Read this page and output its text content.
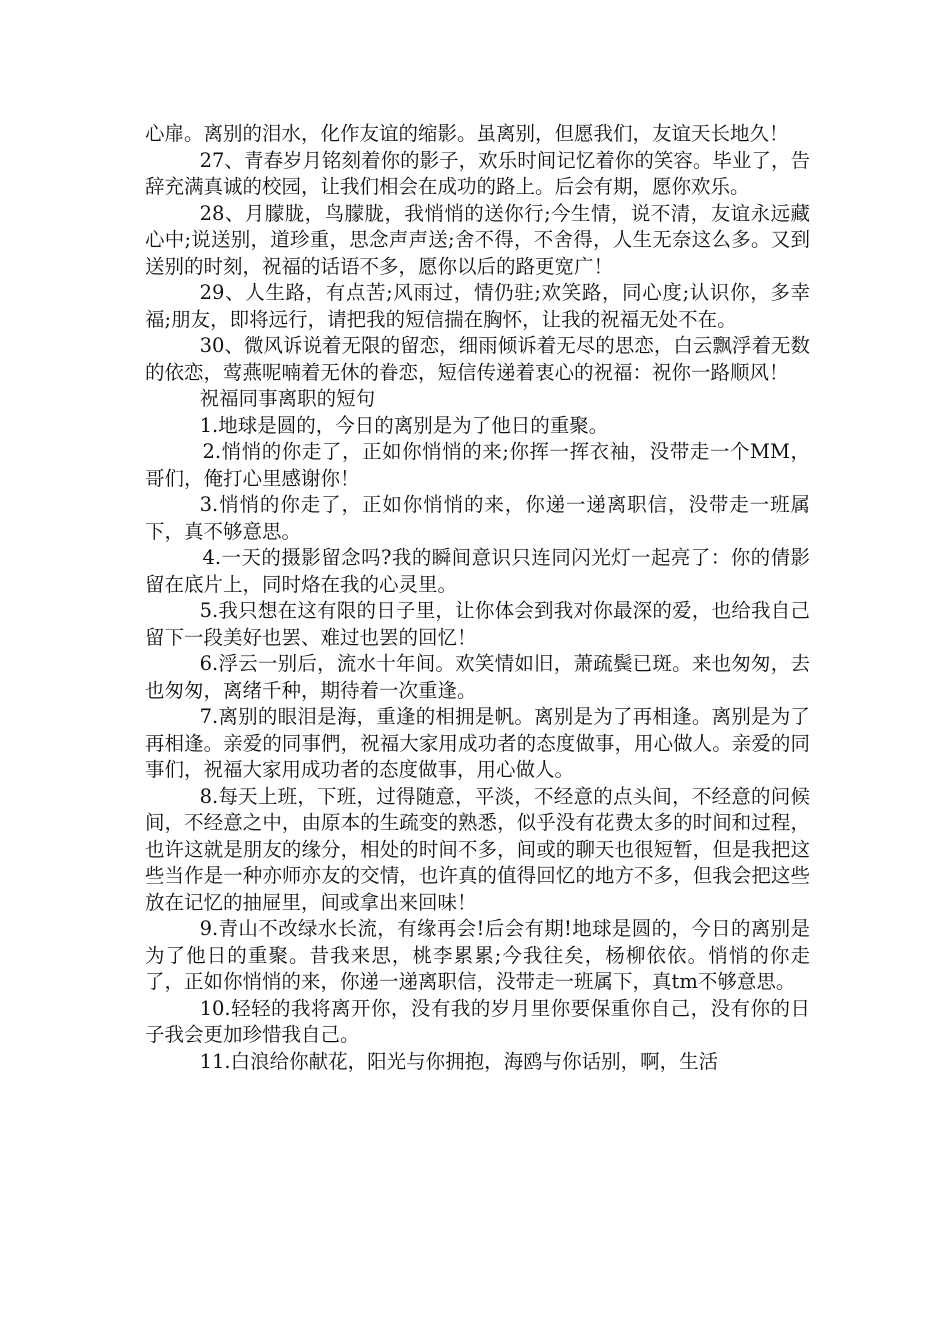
心扉。离别的泪水，化作友谊的缩影。虽离别，但愿我们，友谊天长地久！

27、青春岁月铭刻着你的影子，欢乐时间记忆着你的笑容。毕业了，告辞充满真诚的校园，让我们相会在成功的路上。后会有期，愿你欢乐。

28、月朦胧，鸟朦胧，我悄悄的送你行;今生情，说不清，友谊永远藏心中;说送别，道珍重，思念声声送;舍不得，不舍得，人生无奈这么多。又到送别的时刻，祝福的话语不多，愿你以后的路更宽广！

29、人生路，有点苦;风雨过，情仍驻;欢笑路，同心度;认识你，多幸福;朋友，即将远行，请把我的短信揣在胸怀，让我的祝福无处不在。

30、微风诉说着无限的留恋，细雨倾诉着无尽的思恋，白云飘浮着无数的依恋，莺燕呢喃着无休的眷恋，短信传递着衷心的祝福：祝你一路顺风！

祝福同事离职的短句

1.地球是圆的，今日的离别是为了他日的重聚。

2.悄悄的你走了，正如你悄悄的来;你挥一挥衣袖，没带走一个MM，哥们，俺打心里感谢你！

3.悄悄的你走了，正如你悄悄的来，你递一递离职信，没带走一班属下，真不够意思。

4.一天的摄影留念吗?我的瞬间意识只连同闪光灯一起亮了：你的倩影留在底片上，同时烙在我的心灵里。

5.我只想在这有限的日子里，让你体会到我对你最深的爱，也给我自己留下一段美好也罢、难过也罢的回忆！

6.浮云一别后，流水十年间。欢笑情如旧，萧疏鬓已斑。来也匆匆，去也匆匆，离绪千种，期待着一次重逢。

7.离别的眼泪是海，重逢的相拥是帆。离别是为了再相逢。离别是为了再相逢。亲爱的同事們，祝福大家用成功者的态度做事，用心做人。亲爱的同事们，祝福大家用成功者的态度做事，用心做人。

8.每天上班，下班，过得随意，平淡，不经意的点头间，不经意的问候间，不经意之中，由原本的生疏变的熟悉，似乎没有花费太多的时间和过程，也许这就是朋友的缘分，相处的时间不多，间或的聊天也很短暂，但是我把这些当作是一种亦师亦友的交情，也许真的值得回忆的地方不多，但我会把这些放在记忆的抽屉里，间或拿出来回味！

9.青山不改绿水长流，有缘再会!后会有期!地球是圆的，今日的离别是为了他日的重聚。昔我来思，桃李累累;今我往矣，杨柳依依。悄悄的你走了，正如你悄悄的来，你递一递离职信，没带走一班属下，真tm不够意思。

10.轻轻的我将离开你，没有我的岁月里你要保重你自己，没有你的日子我会更加珍惜我自己。

11.白浪给你献花，阳光与你拥抱，海鸥与你话别，啊，生活
